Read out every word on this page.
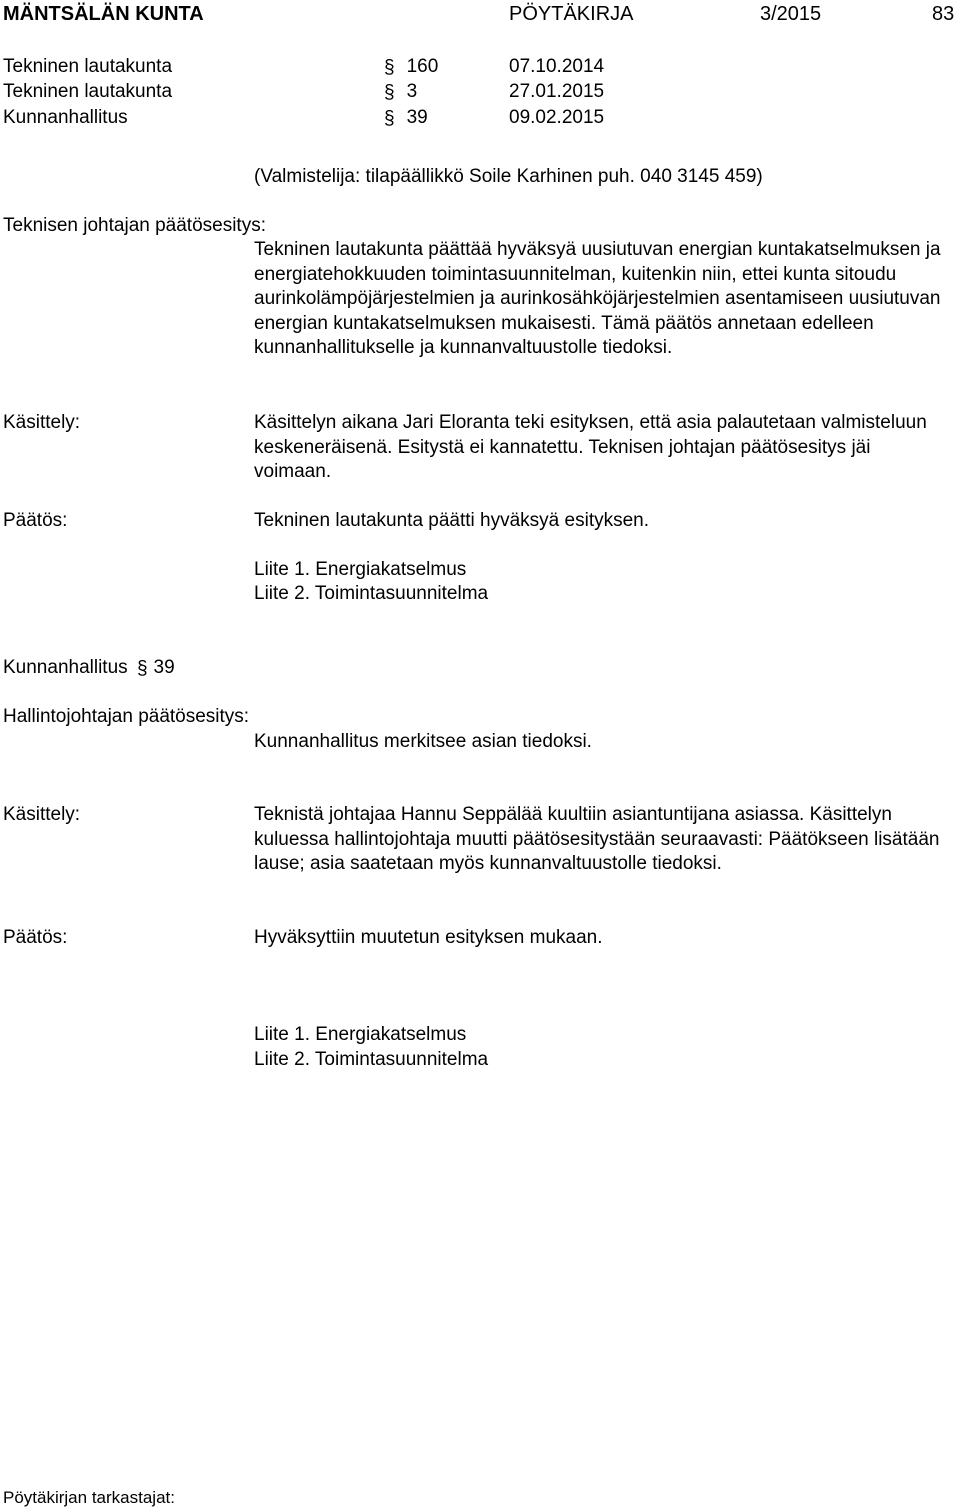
MÄNTSÄLÄN KUNTA	PÖYTÄKIRJA	3/2015	83
Tekninen lautakunta	§ 160	07.10.2014
Tekninen lautakunta	§ 3	27.01.2015
Kunnanhallitus	§ 39	09.02.2015
(Valmistelija: tilapäällikkö Soile Karhinen puh. 040 3145 459)
Teknisen johtajan päätösesitys:
Tekninen lautakunta päättää hyväksyä uusiutuvan energian kuntakatselmuksen ja energiatehokkuuden toimintasuunnitelman, kuitenkin niin, ettei kunta sitoudu aurinkolämpöjärjestelmien ja aurinkosähköjärjestelmien asentamiseen uusiutuvan energian kuntakatselmuksen mukaisesti. Tämä päätös annetaan edelleen kunnanhallitukselle ja kunnanvaltuustolle tiedoksi.
Käsittely:	Käsittelyn aikana Jari Eloranta teki esityksen, että asia palautetaan valmisteluun keskeneräisenä. Esitystä ei kannatettu. Teknisen johtajan päätösesitys jäi voimaan.
Päätös:	Tekninen lautakunta päätti hyväksyä esityksen.
Liite 1. Energiakatselmus
Liite 2. Toimintasuunnitelma
Kunnanhallitus § 39
Hallintojohtajan päätösesitys:
Kunnanhallitus merkitsee asian tiedoksi.
Käsittely:	Teknistä johtajaa Hannu Seppälää kuultiin asiantuntijana asiassa. Käsittelyn kuluessa hallintojohtaja muutti päätösesitystään seuraavasti: Päätökseen lisätään lause; asia saatetaan myös kunnanvaltuustolle tiedoksi.
Päätös:	Hyväksyttiin muutetun esityksen mukaan.
Liite 1. Energiakatselmus
Liite 2. Toimintasuunnitelma
Pöytäkirjan tarkastajat:
